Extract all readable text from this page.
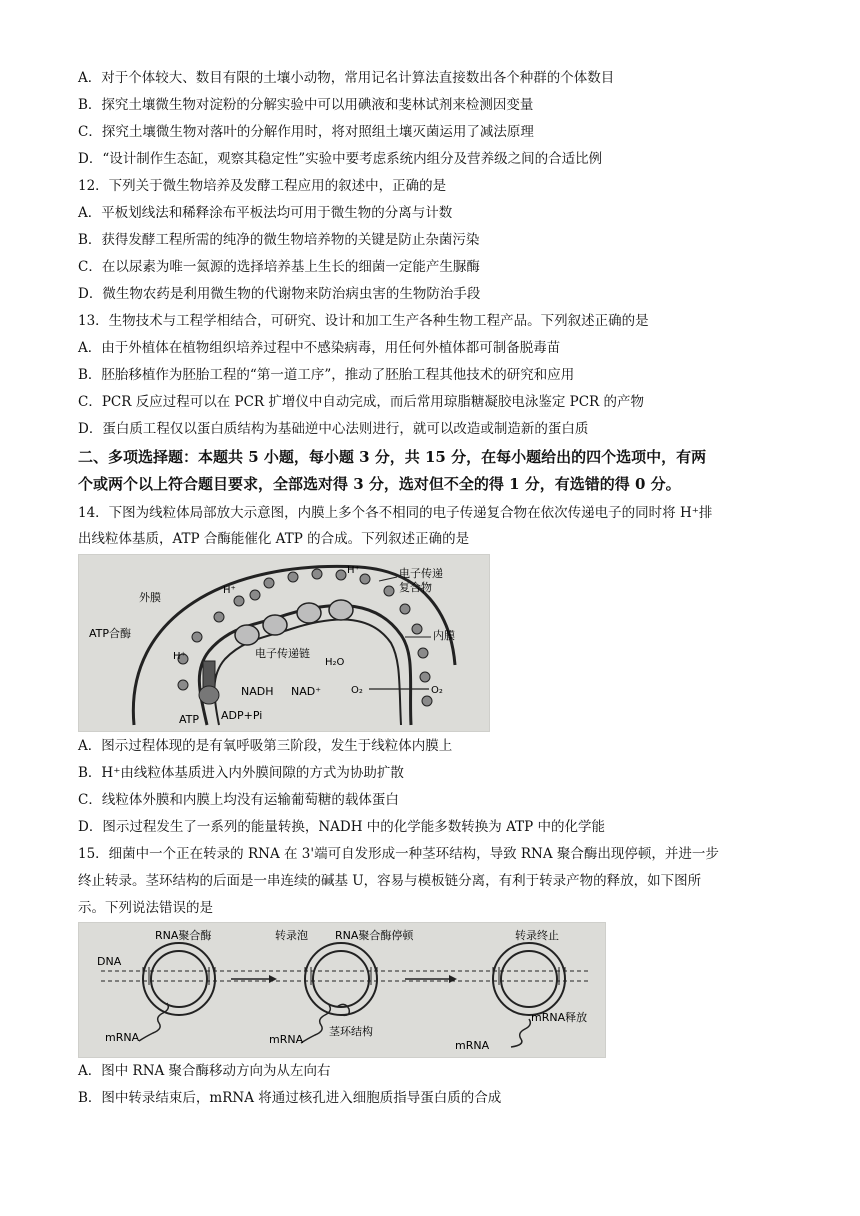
A．对于个体较大、数目有限的土壤小动物，常用记名计算法直接数出各个种群的个体数目
B．探究土壤微生物对淀粉的分解实验中可以用碘液和斐林试剂来检测因变量
C．探究土壤微生物对落叶的分解作用时，将对照组土壤灭菌运用了减法原理
D．“设计制作生态缸，观察其稳定性”实验中要考虑系统内组分及营养级之间的合适比例
12．下列关于微生物培养及发酵工程应用的叙述中，正确的是
A．平板划线法和稀释涂布平板法均可用于微生物的分离与计数
B．获得发酵工程所需的纯净的微生物培养物的关键是防止杂菌污染
C．在以尿素为唯一氮源的选择培养基上生长的细菌一定能产生脲酶
D．微生物农药是利用微生物的代谢物来防治病虫害的生物防治手段
13．生物技术与工程学相结合，可研究、设计和加工生产各种生物工程产品。下列叙述正确的是
A．由于外植体在植物组织培养过程中不感染病毒，用任何外植体都可制备脱毒苗
B．胚胎移植作为胚胎工程的“第一道工序”，推动了胚胎工程其他技术的研究和应用
C．PCR 反应过程可以在 PCR 扩增仪中自动完成，而后常用琼脂糖凝胶电泳鉴定 PCR 的产物
D．蛋白质工程仅以蛋白质结构为基础逆中心法则进行，就可以改造或制造新的蛋白质
二、多项选择题：本题共 5 小题，每小题 3 分，共 15 分，在每小题给出的四个选项中，有两
个或两个以上符合题目要求，全部选对得 3 分，选对但不全的得 1 分，有选错的得 0 分。
14．下图为线粒体局部放大示意图，内膜上多个各不相同的电子传递复合物在依次传递电子的同时将 H⁺排
出线粒体基质，ATP 合酶能催化 ATP 的合成。下列叙述正确的是
外膜
电子传递
复合物
内膜
ATP合酶
H⁺
H⁺
H⁺
电子传递链
H₂O
NADH NAD⁺	O₂	O₂
ADP+Pi
ATP
A．图示过程体现的是有氧呼吸第三阶段，发生于线粒体内膜上
B．H⁺由线粒体基质进入内外膜间隙的方式为协助扩散
C．线粒体外膜和内膜上均没有运输葡萄糖的载体蛋白
D．图示过程发生了一系列的能量转换，NADH 中的化学能多数转换为 ATP 中的化学能
15．细菌中一个正在转录的 RNA 在 3'端可自发形成一种茎环结构，导致 RNA 聚合酶出现停顿，并进一步
终止转录。茎环结构的后面是一串连续的碱基 U，容易与模板链分离，有利于转录产物的释放，如下图所
示。下列说法错误的是
DNA
RNA聚合酶	转录泡 RNA聚合酶停顿	转录终止
mRNA	mRNA
茎环结构
mRNA释放
mRNA
A．图中 RNA 聚合酶移动方向为从左向右
B．图中转录结束后，mRNA 将通过核孔进入细胞质指导蛋白质的合成
